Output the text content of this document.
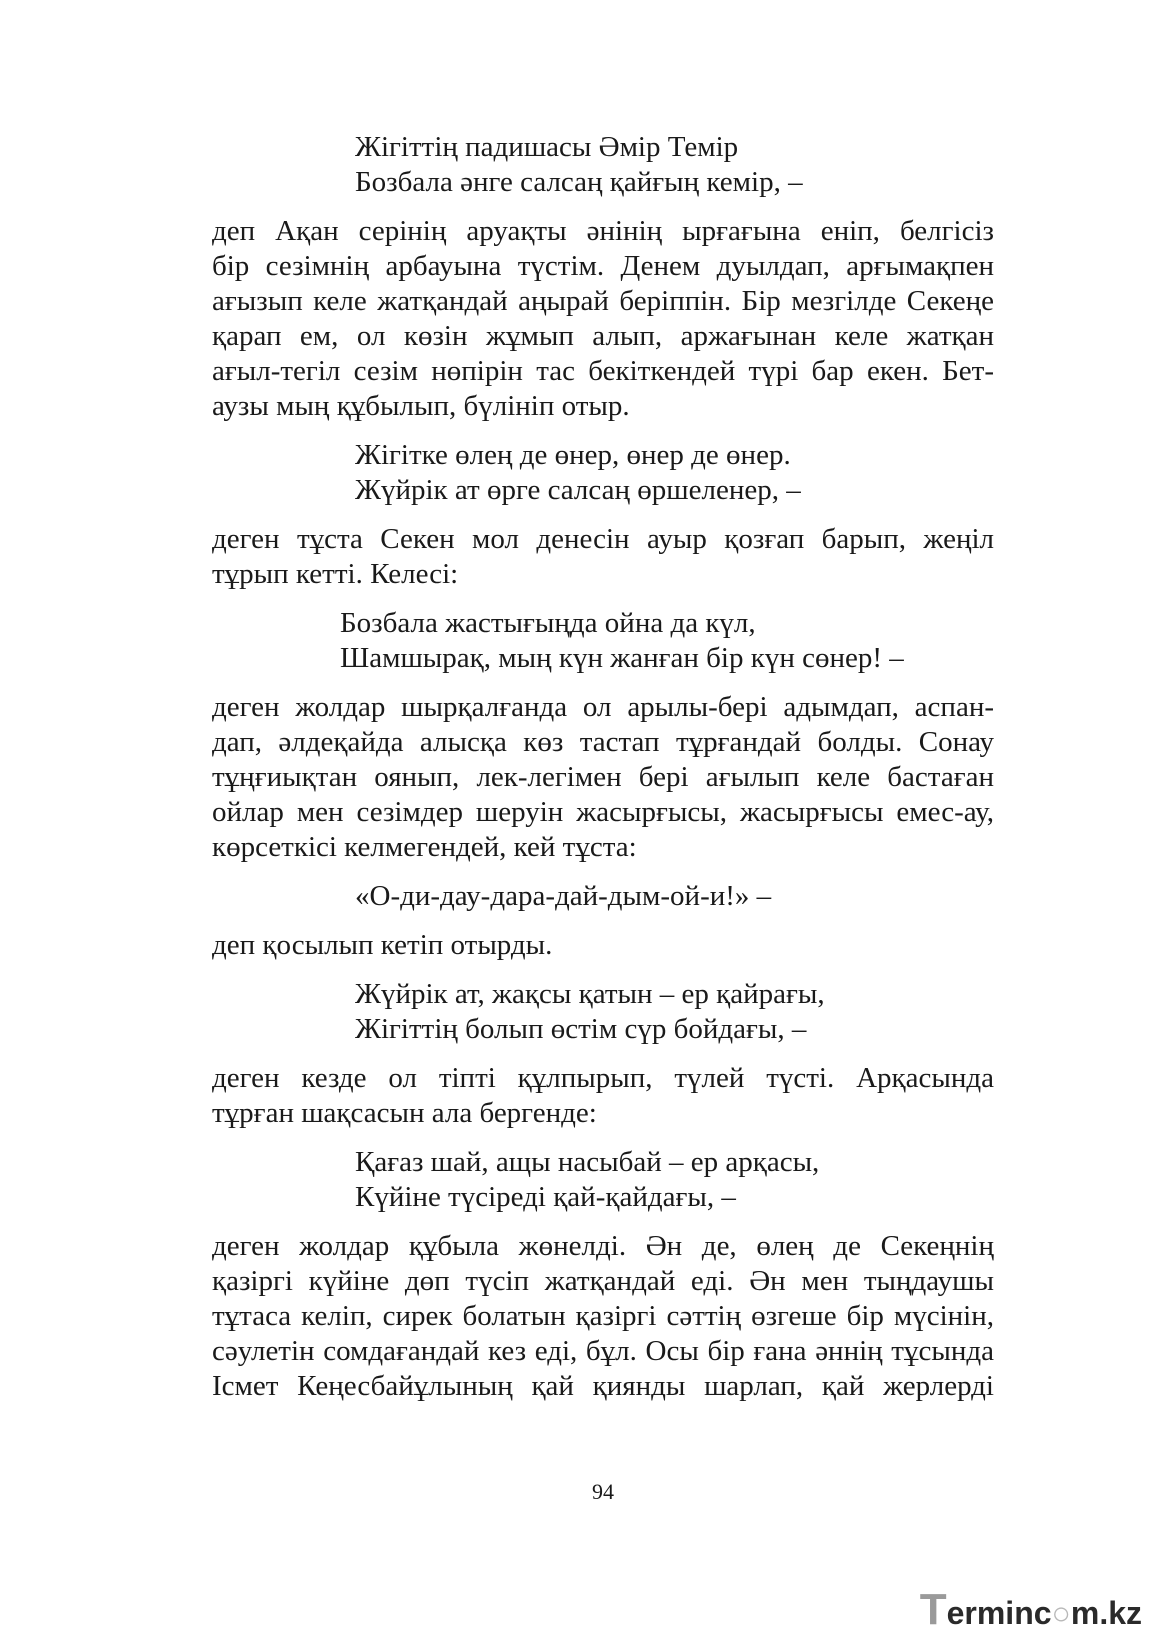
Жігіттің падишасы Әмір Темір
Бозбала әнге салсаң қайғың кемір, –
деп Ақан серінің аруақты әнінің ырғағына еніп, белгісіз
бір сезімнің арбауына түстім. Денем дуылдап, арғымақпен
ағызып келе жатқандай аңырай беріппін. Бір мезгілде Секеңе
қарап ем, ол көзін жұмып алып, аржағынан келе жатқан
ағыл-тегіл сезім нөпірін тас бекіткендей түрі бар екен. Бет-
аузы мың құбылып, бүлініп отыр.
Жігітке өлең де өнер, өнер де өнер.
Жүйрік ат өрге салсаң өршеленер, –
деген тұста Секен мол денесін ауыр қозғап барып, жеңіл
тұрып кетті. Келесі:
Бозбала жастығыңда ойна да күл,
Шамшырақ, мың күн жанған бір күн сөнер! –
деген жолдар шырқалғанда ол арылы-бері адымдап, аспан-
дап, әлдеқайда алысқа көз тастап тұрғандай болды. Сонау
тұңғиықтан оянып, лек-легімен бері ағылып келе бастаған
ойлар мен сезімдер шеруін жасырғысы, жасырғысы емес-ау,
көрсеткісі келмегендей, кей тұста:
«О-ди-дау-дара-дай-дым-ой-и!» –
деп қосылып кетіп отырды.
Жүйрік ат, жақсы қатын – ер қайрағы,
Жігіттің болып өстім сүр бойдағы, –
деген кезде ол тіпті құлпырып, түлей түсті. Арқасында
тұрған шақсасын ала бергенде:
Қағаз шай, ащы насыбай – ер арқасы,
Күйіне түсіреді қай-қайдағы, –
деген жолдар құбыла жөнелді. Ән де, өлең де Секеңнің
қазіргі күйіне дөп түсіп жатқандай еді. Ән мен тыңдаушы
тұтаса келіп, сирек болатын қазіргі сәттің өзгеше бір мүсінін,
сәулетін сомдағандай кез еді, бұл. Осы бір ғана әннің тұсында
Ісмет Кеңесбайұлының қай қиянды шарлап, қай жерлерді
94
Terminc○m.kz
